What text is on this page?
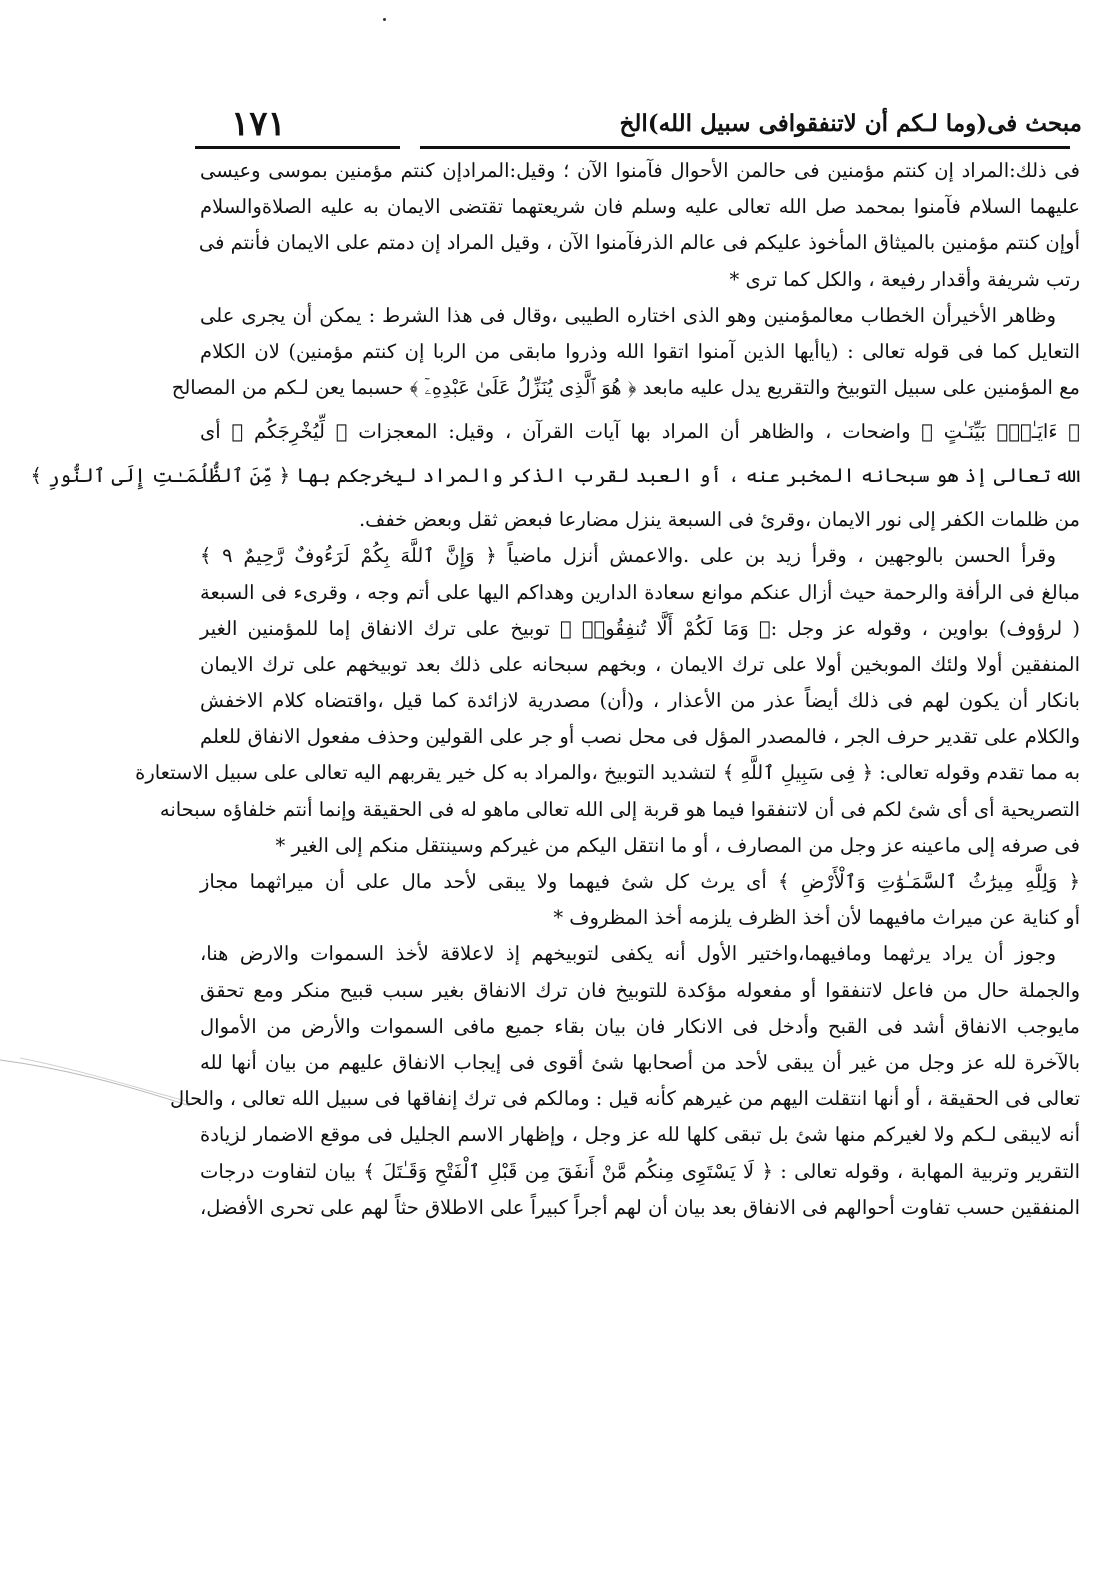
١٧١	مبحث فى(وما لـكم أن لاتنفقوافى سبيل الله)الخ
فى ذلك:المراد إن كنتم مؤمنين فى حالمن الأحوال فآمنوا الآن ؛ وقيل:المرادإن كنتم مؤمنين بموسى وعيسى
عليهما السلام فآمنوا بمحمد صل الله تعالى عليه وسلم فان شريعتهما تقتضى الايمان به عليه الصلاةوالسلام
أوإن كنتم مؤمنين بالميثاق المأخوذ عليكم فى عالم الذرفآمنوا الآن ، وقيل المراد إن دمتم على الايمان فأنتم فى
رتب شريفة وأقدار رفيعة ، والكل كما ترى *
وظاهر الأخيرأن الخطاب معالمؤمنين وهو الذى اختاره الطيبى ،وقال فى هذا الشرط : يمكن أن يجرى على
التعايل كما فى قوله تعالى : (ياأيها الذين آمنوا اتقوا الله وذروا مابقى من الربا إن كنتم مؤمنين) لان الكلام
مع المؤمنين على سبيل التوبيخ والتقريع يدل عليه مابعد ﴿ هُوَ ٱلَّذِى يُنَزِّلُ عَلَىٰ عَبْدِهِۦٓ ﴾ حسبما يعن لـكم من المصالح
﴿ ءَايَـٰتٍۭ بَيِّنَـٰتٍ ﴾ واضحات ، والظاهر أن المراد بها آيات القرآن ، وقيل: المعجزات ﴿ لِّيُخْرِجَكُم ﴾ أى
الله تعالى إذ هو سبحانه المخبر عنه ، أو العبد لقرب الذكر والمراد ليخرجكم بها ﴿ مِّنَ ٱلظُّلُمَـٰتِ إِلَى ٱلنُّورِ ﴾
من ظلمات الكفر إلى نور الايمان ،وقرئ فى السبعة ينزل مضارعا فبعض ثقل وبعض خفف.
وقرأ الحسن بالوجهين ، وقرأ زيد بن على .والاعمش أنزل ماضياً ﴿ وَإِنَّ ٱللَّهَ بِكُمْ لَرَءُوفٌ رَّحِيمٌ ٩ ﴾
مبالغ فى الرأفة والرحمة حيث أزال عنكم موانع سعادة الدارين وهداكم اليها على أتم وجه ، وقرىء فى السبعة
( لرؤوف) بواوين ، وقوله عز وجل :﴿ وَمَا لَكُمْ أَلَّا تُنفِقُوا۟ ﴾ توبيخ على ترك الانفاق إما للمؤمنين الغير
المنفقين أولا ولئك الموبخين أولا على ترك الايمان ، وبخهم سبحانه على ذلك بعد توبيخهم على ترك الايمان
بانكار أن يكون لهم فى ذلك أيضاً عذر من الأعذار ، و(أن) مصدرية لازائدة كما قيل ،واقتضاه كلام الاخفش
والكلام على تقدير حرف الجر ، فالمصدر المؤل فى محل نصب أو جر على القولين وحذف مفعول الانفاق للعلم
به مما تقدم وقوله تعالى: ﴿ فِى سَبِيلِ ٱللَّهِ ﴾ لتشديد التوبيخ ،والمراد به كل خير يقربهم اليه تعالى على سبيل الاستعارة
التصريحية أى أى شئ لكم فى أن لاتنفقوا فيما هو قربة إلى الله تعالى ماهو له فى الحقيقة وإنما أنتم خلفاؤه سبحانه
فى صرفه إلى ماعينه عز وجل من المصارف ، أو ما انتقل اليكم من غيركم وسينتقل منكم إلى الغير *
﴿ وَلِلَّهِ مِيرَٰثُ ٱلسَّمَـٰوَٰتِ وَٱلْأَرْضِ ﴾ أى يرث كل شئ فيهما ولا يبقى لأحد مال على أن ميراثهما مجاز
أو كناية عن ميراث مافيهما لأن أخذ الظرف يلزمه أخذ المظروف *
وجوز أن يراد يرثهما ومافيهما،واختير الأول أنه يكفى لتوبيخهم إذ لاعلاقة لأخذ السموات والارض هنا،
والجملة حال من فاعل لاتنفقوا أو مفعوله مؤكدة للتوبيخ فان ترك الانفاق بغير سبب قبيح منكر ومع تحقق
مايوجب الانفاق أشد فى القبح وأدخل فى الانكار فان بيان بقاء جميع مافى السموات والأرض من الأموال
بالآخرة لله عز وجل من غير أن يبقى لأحد من أصحابها شئ أقوى فى إيجاب الانفاق عليهم من بيان أنها لله
تعالى فى الحقيقة ، أو أنها انتقلت اليهم من غيرهم كأنه قيل : ومالكم فى ترك إنفاقها فى سبيل الله تعالى ، والحال
أنه لايبقى لـكم ولا لغيركم منها شئ بل تبقى كلها لله عز وجل ، وإظهار الاسم الجليل فى موقع الاضمار لزيادة
التقرير وتربية المهابة ، وقوله تعالى : ﴿ لَا يَسْتَوِى مِنكُم مَّنْ أَنفَقَ مِن قَبْلِ ٱلْفَتْحِ وَقَـٰتَلَ ﴾ بيان لتفاوت درجات
المنفقين حسب تفاوت أحوالهم فى الانفاق بعد بيان أن لهم أجراً كبيراً على الاطلاق حثاً لهم على تحرى الأفضل،
